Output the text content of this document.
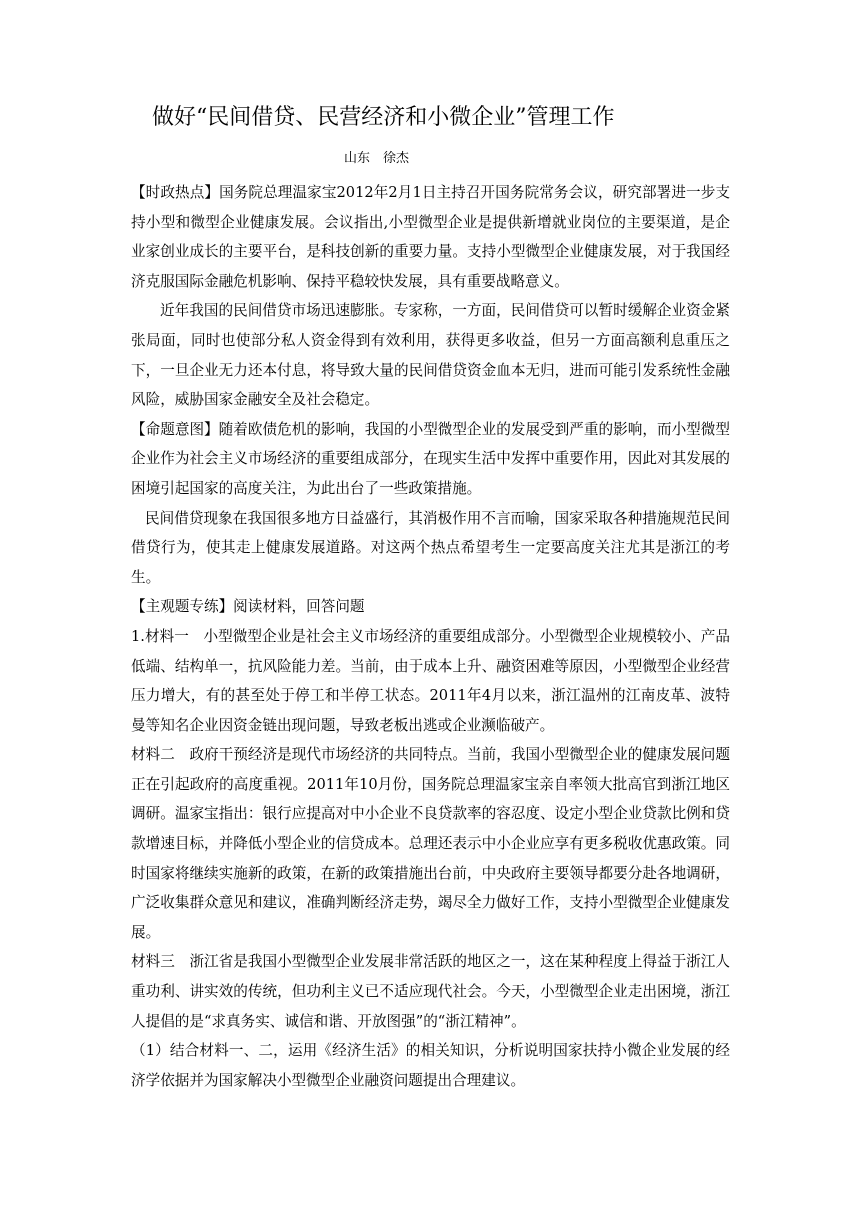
做好“民间借贷、民营经济和小微企业”管理工作
山东　徐杰

【时政热点】国务院总理温家宝2012年2月1日主持召开国务院常务会议，研究部署进一步支持小型和微型企业健康发展。会议指出,小型微型企业是提供新增就业岗位的主要渠道，是企业家创业成长的主要平台，是科技创新的重要力量。支持小型微型企业健康发展，对于我国经济克服国际金融危机影响、保持平稳较快发展，具有重要战略意义。

近年我国的民间借贷市场迅速膨胀。专家称，一方面，民间借贷可以暂时缓解企业资金紧张局面，同时也使部分私人资金得到有效利用，获得更多收益，但另一方面高额利息重压之下，一旦企业无力还本付息，将导致大量的民间借贷资金血本无归，进而可能引发系统性金融风险，威胁国家金融安全及社会稳定。

【命题意图】随着欧债危机的影响，我国的小型微型企业的发展受到严重的影响，而小型微型企业作为社会主义市场经济的重要组成部分，在现实生活中发挥中重要作用，因此对其发展的困境引起国家的高度关注，为此出台了一些政策措施。

民间借贷现象在我国很多地方日益盛行，其消极作用不言而喻，国家采取各种措施规范民间借贷行为，使其走上健康发展道路。对这两个热点希望考生一定要高度关注尤其是浙江的考生。

【主观题专练】阅读材料，回答问题

1.材料一　小型微型企业是社会主义市场经济的重要组成部分。小型微型企业规模较小、产品低端、结构单一，抗风险能力差。当前，由于成本上升、融资困难等原因，小型微型企业经营压力增大，有的甚至处于停工和半停工状态。2011年4月以来，浙江温州的江南皮革、波特曼等知名企业因资金链出现问题，导致老板出逃或企业濒临破产。

材料二　政府干预经济是现代市场经济的共同特点。当前，我国小型微型企业的健康发展问题正在引起政府的高度重视。2011年10月份，国务院总理温家宝亲自率领大批高官到浙江地区调研。温家宝指出：银行应提高对中小企业不良贷款率的容忍度、设定小型企业贷款比例和贷款增速目标，并降低小型企业的信贷成本。总理还表示中小企业应享有更多税收优惠政策。同时国家将继续实施新的政策，在新的政策措施出台前，中央政府主要领导都要分赴各地调研，广泛收集群众意见和建议，准确判断经济走势，竭尽全力做好工作，支持小型微型企业健康发展。

材料三　浙江省是我国小型微型企业发展非常活跃的地区之一，这在某种程度上得益于浙江人重功利、讲实效的传统，但功利主义已不适应现代社会。今天，小型微型企业走出困境，浙江人提倡的是“求真务实、诚信和谐、开放图强”的“浙江精神”。

（1）结合材料一、二，运用《经济生活》的相关知识，分析说明国家扶持小微企业发展的经济学依据并为国家解决小型微型企业融资问题提出合理建议。
